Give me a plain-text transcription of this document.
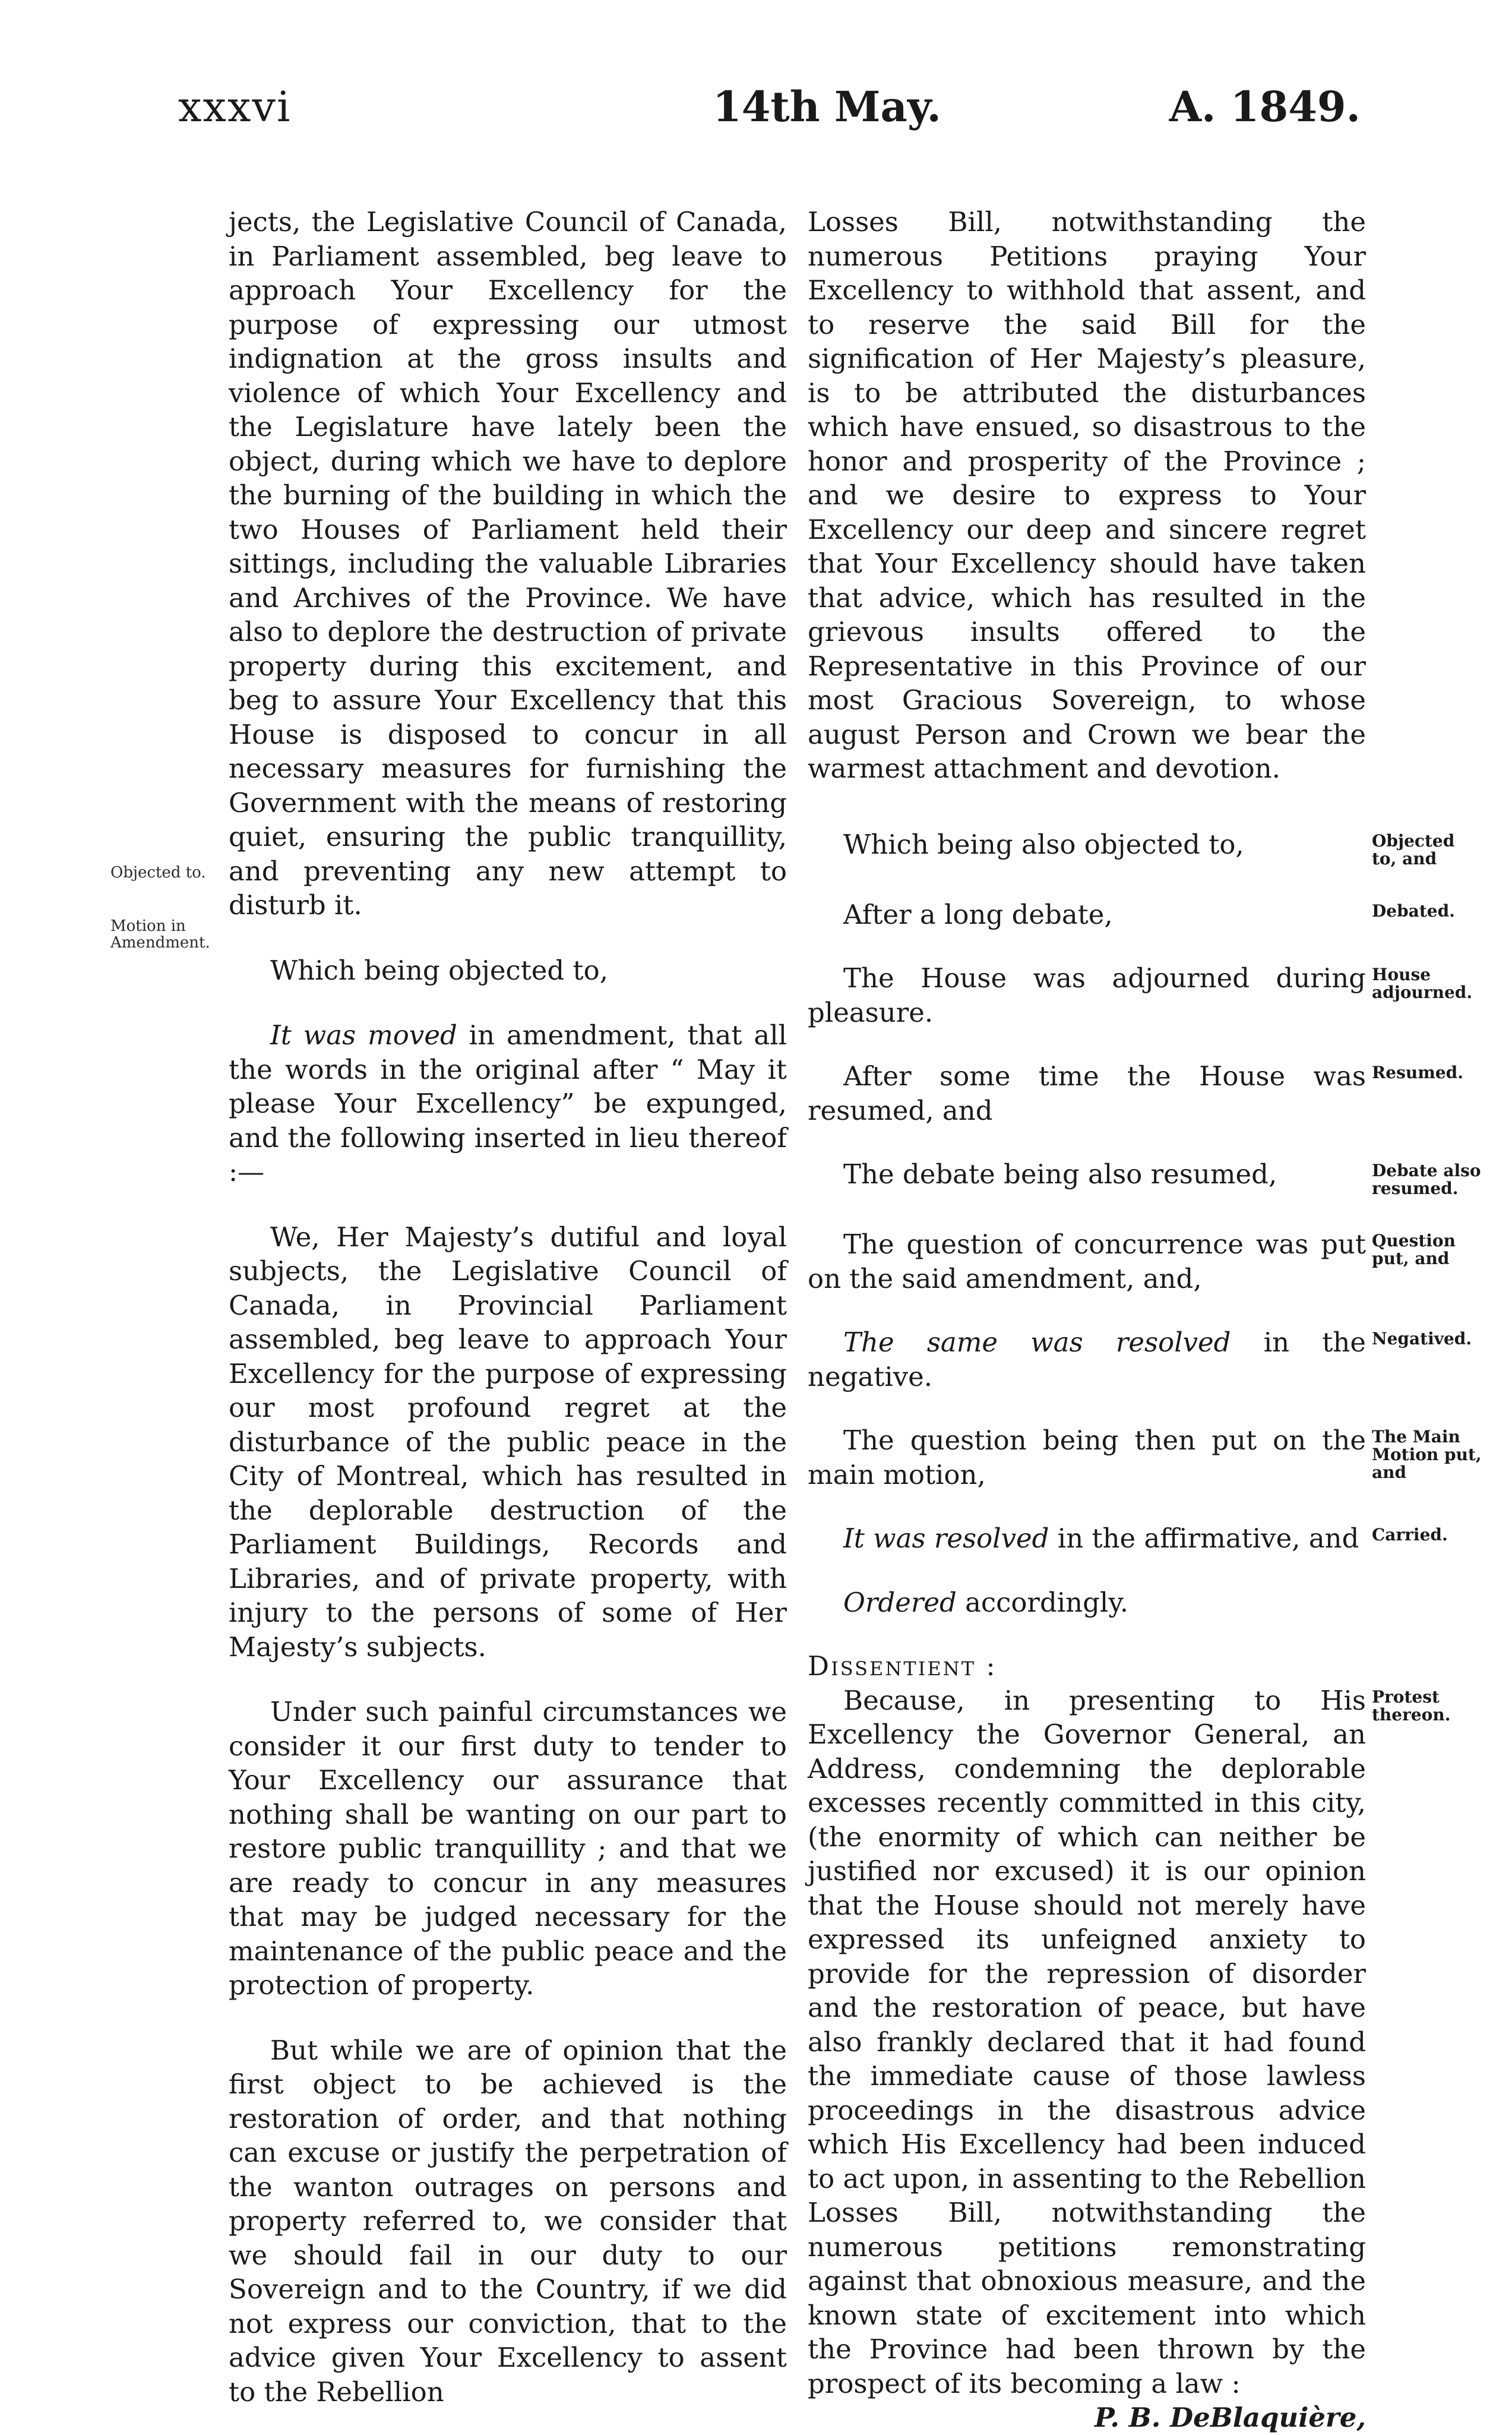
xxxvi	14th May.	A. 1849.
Objected to.
Motion in Amendment.

jects, the Legislative Council of Canada, in Parliament assembled, beg leave to approach Your Excellency for the purpose of expressing our utmost indignation at the gross insults and violence of which Your Excellency and the Legislature have lately been the object, during which we have to deplore the burning of the building in which the two Houses of Parliament held their sittings, including the valuable Libraries and Archives of the Province. We have also to deplore the destruction of private property during this excitement, and beg to assure Your Excellency that this House is disposed to concur in all necessary measures for furnishing the Government with the means of restoring quiet, ensuring the public tranquillity, and preventing any new attempt to disturb it.

Which being objected to,

It was moved in amendment, that all the words in the original after “ May it please Your Excellency” be expunged, and the following inserted in lieu thereof :—

We, Her Majesty’s dutiful and loyal subjects, the Legislative Council of Canada, in Provincial Parliament assembled, beg leave to approach Your Excellency for the purpose of expressing our most profound regret at the disturbance of the public peace in the City of Montreal, which has resulted in the deplorable destruction of the Parliament Buildings, Records and Libraries, and of private property, with injury to the persons of some of Her Majesty’s subjects.

Under such painful circumstances we consider it our first duty to tender to Your Excellency our assurance that nothing shall be wanting on our part to restore public tranquillity ; and that we are ready to concur in any measures that may be judged necessary for the maintenance of the public peace and the protection of property.

But while we are of opinion that the first object to be achieved is the restoration of order, and that nothing can excuse or justify the perpetration of the wanton outrages on persons and property referred to, we consider that we should fail in our duty to our Sovereign and to the Country, if we did not express our conviction, that to the advice given Your Excellency to assent to the Rebellion

Losses Bill, notwithstanding the numerous Petitions praying Your Excellency to withhold that assent, and to reserve the said Bill for the signification of Her Majesty’s pleasure, is to be attributed the disturbances which have ensued, so disastrous to the honor and prosperity of the Province ; and we desire to express to Your Excellency our deep and sincere regret that Your Excellency should have taken that advice, which has resulted in the grievous insults offered to the Representative in this Province of our most Gracious Sovereign, to whose august Person and Crown we bear the warmest attachment and devotion.

Which being also objected to,	Objected to, and

After a long debate,	Debated.

The House was adjourned during pleasure.

House adjourned.

After some time the House was resumed, and

Resumed.

The debate being also resumed,	Debate also resumed.

The question of concurrence was put on the said amendment, and,

Question put, and

The same was resolved in the negative.

Negatived.

The question being then put on the main motion,

The Main Motion put, and

It was resolved in the affirmative, and Carried.

Ordered accordingly.

Dissentient :

Because, in presenting to His Excellency the Governor General, an Address, condemning the deplorable excesses recently committed in this city, (the enormity of which can neither be justified nor excused) it is our opinion that the House should not merely have expressed its unfeigned anxiety to provide for the repression of disorder and the restoration of peace, but have also frankly declared that it had found the immediate cause of those lawless proceedings in the disastrous advice which His Excellency had been induced to act upon, in assenting to the Rebellion Losses Bill, notwithstanding the numerous petitions remonstrating against that obnoxious measure, and the known state of excitement into which the Province had been thrown by the prospect of its becoming a law :

Protest thereon.

P. B. DeBlaquière,
